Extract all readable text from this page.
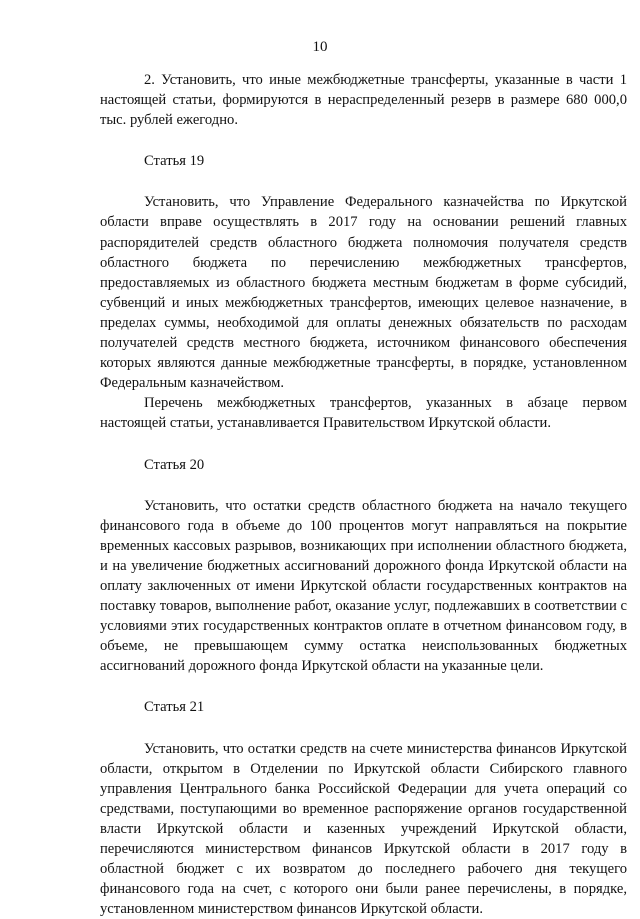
10

2. Установить, что иные межбюджетные трансферты, указанные в части 1 настоящей статьи, формируются в нераспределенный резерв в размере 680 000,0 тыс. рублей ежегодно.

Статья 19

Установить, что Управление Федерального казначейства по Иркутской области вправе осуществлять в 2017 году на основании решений главных распорядителей средств областного бюджета полномочия получателя средств областного бюджета по перечислению межбюджетных трансфертов, предоставляемых из областного бюджета местным бюджетам в форме субсидий, субвенций и иных межбюджетных трансфертов, имеющих целевое назначение, в пределах суммы, необходимой для оплаты денежных обязательств по расходам получателей средств местного бюджета, источником финансового обеспечения которых являются данные межбюджетные трансферты, в порядке, установленном Федеральным казначейством.

Перечень межбюджетных трансфертов, указанных в абзаце первом настоящей статьи, устанавливается Правительством Иркутской области.

Статья 20

Установить, что остатки средств областного бюджета на начало текущего финансового года в объеме до 100 процентов могут направляться на покрытие временных кассовых разрывов, возникающих при исполнении областного бюджета, и на увеличение бюджетных ассигнований дорожного фонда Иркутской области на оплату заключенных от имени Иркутской области государственных контрактов на поставку товаров, выполнение работ, оказание услуг, подлежавших в соответствии с условиями этих государственных контрактов оплате в отчетном финансовом году, в объеме, не превышающем сумму остатка неиспользованных бюджетных ассигнований дорожного фонда Иркутской области на указанные цели.

Статья 21

Установить, что остатки средств на счете министерства финансов Иркутской области, открытом в Отделении по Иркутской области Сибирского главного управления Центрального банка Российской Федерации для учета операций со средствами, поступающими во временное распоряжение органов государственной власти Иркутской области и казенных учреждений Иркутской области, перечисляются министерством финансов Иркутской области в 2017 году в областной бюджет с их возвратом до последнего рабочего дня текущего финансового года на счет, с которого они были ранее перечислены, в порядке, установленном министерством финансов Иркутской области.
